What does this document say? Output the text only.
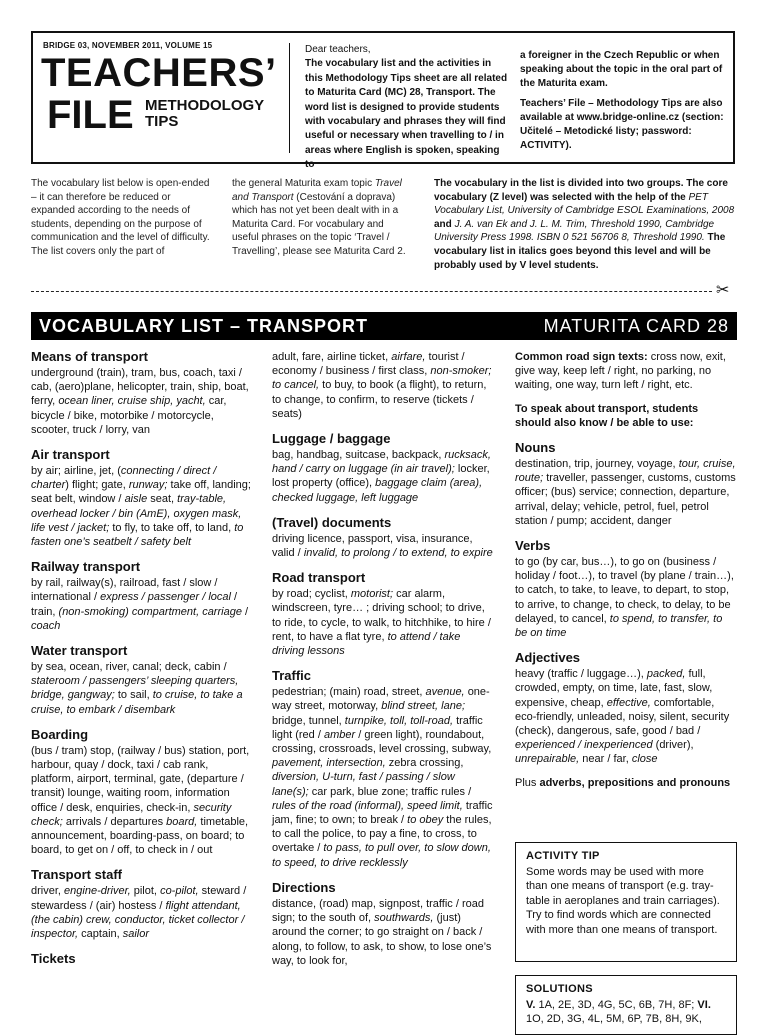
BRIDGE 03, NOVEMBER 2011, VOLUME 15
TEACHERS’
FILE METHODOLOGY
TIPS
Dear teachers,
The vocabulary list and the activities in this Methodology Tips sheet are all related to Maturita Card (MC) 28, Transport. The word list is designed to provide students with vocabulary and phrases they will find useful or necessary when travelling to / in areas where English is spoken, speaking to

a foreigner in the Czech Republic or when speaking about the topic in the oral part of the Maturita exam.

Teachers’ File – Methodology Tips are also available at www.bridge-online.cz (section: Učitelé – Metodické listy; password: ACTIVITY).

The vocabulary list below is open-ended – it can therefore be reduced or expanded according to the needs of students, depending on the purpose of communication and the level of difficulty. The list covers only the part of
the general Maturita exam topic Travel and Transport (Cestování a doprava) which has not yet been dealt with in a Maturita Card. For vocabulary and useful phrases on the topic ‘Travel / Travelling’, please see Maturita Card 2.
The vocabulary in the list is divided into two groups. The core vocabulary (Z level) was selected with the help of the PET Vocabulary List, University of Cambridge ESOL Examinations, 2008 and J. A. van Ek and J. L. M. Trim, Threshold 1990, Cambridge University Press 1998. ISBN 0 521 56706 8, Threshold 1990. The vocabulary list in italics goes beyond this level and will be probably used by V level students.
✂
VOCABULARY LIST – TRANSPORT	MATURITA CARD 28
Means of transport

underground (train), tram, bus, coach, taxi / cab, (aero)plane, helicopter, train, ship, boat, ferry, ocean liner, cruise ship, yacht, car, bicycle / bike, motorbike / motorcycle, scooter, truck / lorry, van

Air transport

by air; airline, jet, (connecting / direct / charter) flight; gate, runway; take off, landing; seat belt, window / aisle seat, tray-table, overhead locker / bin (AmE), oxygen mask, life vest / jacket; to fly, to take off, to land, to fasten one’s seatbelt / safety belt

Railway transport

by rail, railway(s), railroad, fast / slow / international / express / passenger / local / train, (non-smoking) compartment, carriage / coach

Water transport

by sea, ocean, river, canal; deck, cabin / stateroom / passengers’ sleeping quarters, bridge, gangway; to sail, to cruise, to take a cruise, to embark / disembark

Boarding

(bus / tram) stop, (railway / bus) station, port, harbour, quay / dock, taxi / cab rank, platform, airport, terminal, gate, (departure / transit) lounge, waiting room, information office / desk, enquiries, check-in, security check; arrivals / departures board, timetable, announcement, boarding-pass, on board; to board, to get on / off, to check in / out

Transport staff

driver, engine-driver, pilot, co-pilot, steward / stewardess / (air) hostess / flight attendant, (the cabin) crew, conductor, ticket collector / inspector, captain, sailor

Tickets

adult, fare, airline ticket, airfare, tourist / economy / business / first class, non-smoker; to cancel, to buy, to book (a flight), to return, to change, to confirm, to reserve (tickets / seats)

Luggage / baggage

bag, handbag, suitcase, backpack, rucksack, hand / carry on luggage (in air travel); locker, lost property (office), baggage claim (area), checked luggage, left luggage

(Travel) documents

driving licence, passport, visa, insurance, valid / invalid, to prolong / to extend, to expire

Road transport

by road; cyclist, motorist; car alarm, windscreen, tyre… ; driving school; to drive, to ride, to cycle, to walk, to hitchhike, to hire / rent, to have a flat tyre, to attend / take driving lessons

Traffic

pedestrian; (main) road, street, avenue, one-way street, motorway, blind street, lane; bridge, tunnel, turnpike, toll, toll-road, traffic light (red / amber / green light), roundabout, crossing, crossroads, level crossing, subway, pavement, intersection, zebra crossing, diversion, U-turn, fast / passing / slow lane(s); car park, blue zone; traffic rules / rules of the road (informal), speed limit, traffic jam, fine; to own; to break / to obey the rules, to call the police, to pay a fine, to cross, to overtake / to pass, to pull over, to slow down, to speed, to drive recklessly

Directions

distance, (road) map, signpost, traffic / road sign; to the south of, southwards, (just) around the corner; to go straight on / back / along, to follow, to ask, to show, to lose one’s way, to look for,

Common road sign texts: cross now, exit, give way, keep left / right, no parking, no waiting, one way, turn left / right, etc.

To speak about transport, students should also know / be able to use:

Nouns

destination, trip, journey, voyage, tour, cruise, route; traveller, passenger, customs, customs officer; (bus) service; connection, departure, arrival, delay; vehicle, petrol, fuel, petrol station / pump; accident, danger

Verbs

to go (by car, bus…), to go on (business / holiday / foot…), to travel (by plane / train…), to catch, to take, to leave, to depart, to stop, to arrive, to change, to check, to delay, to be delayed, to cancel, to spend, to transfer, to be on time

Adjectives

heavy (traffic / luggage…), packed, full, crowded, empty, on time, late, fast, slow, expensive, cheap, effective, comfortable, eco-friendly, unleaded, noisy, silent, security (check), dangerous, safe, good / bad / experienced / inexperienced (driver), unrepairable, near / far, close

Plus adverbs, prepositions and pronouns

ACTIVITY TIP
Some words may be used with more than one means of transport (e.g. tray-table in aeroplanes and train carriages). Try to find words which are connected with more than one means of transport.
SOLUTIONS
V. 1A, 2E, 3D, 4G, 5C, 6B, 7H, 8F; VI.
1O, 2D, 3G, 4L, 5M, 6P, 7B, 8H, 9K,
